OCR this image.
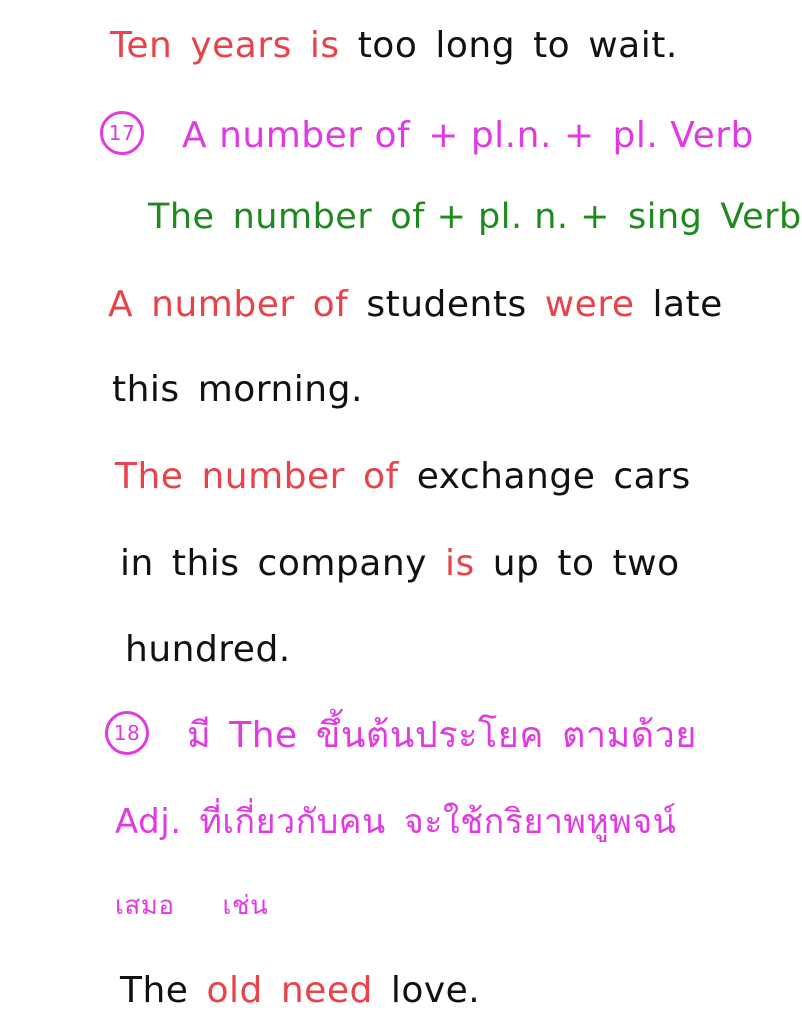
Ten years is too long to wait.
17 A number of + pl.n. + pl. Verb
The number of + pl. n. + sing Verb
A number of students were late
this morning.
The number of exchange cars
in this company is up to two
hundred.
18 มี The ขึ้นต้นประโยค ตามด้วย
Adj. ที่เกี่ยวกับคน จะใช้กริยาพหูพจน์
เสมอ เช่น
The old need love.
